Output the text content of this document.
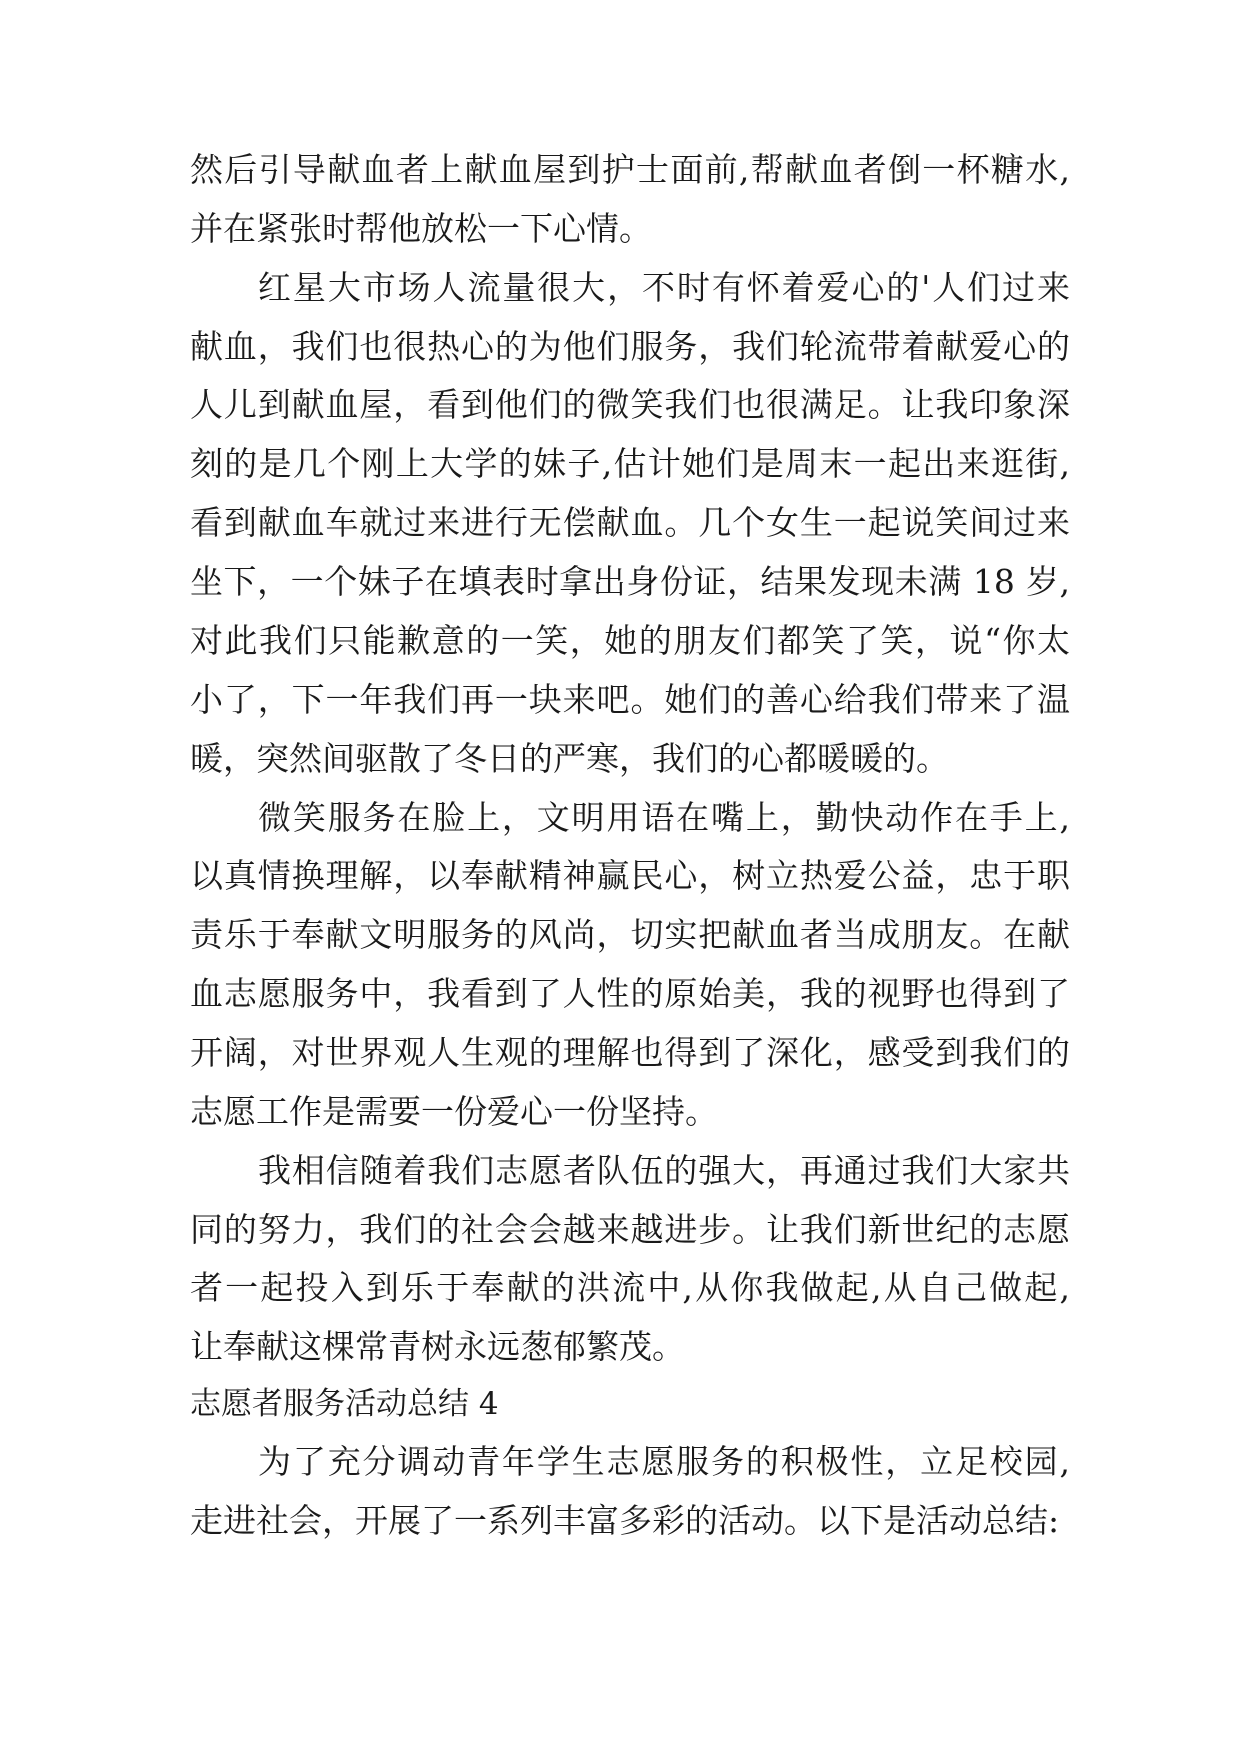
然后引导献血者上献血屋到护士面前,帮献血者倒一杯糖水,
并在紧张时帮他放松一下心情。
红星大市场人流量很大，不时有怀着爱心的'人们过来
献血，我们也很热心的为他们服务，我们轮流带着献爱心的
人儿到献血屋，看到他们的微笑我们也很满足。让我印象深
刻的是几个刚上大学的妹子,估计她们是周末一起出来逛街,
看到献血车就过来进行无偿献血。几个女生一起说笑间过来
坐下，一个妹子在填表时拿出身份证，结果发现未满 18 岁,
对此我们只能歉意的一笑，她的朋友们都笑了笑，说“你太
小了，下一年我们再一块来吧。她们的善心给我们带来了温
暖，突然间驱散了冬日的严寒，我们的心都暖暖的。
微笑服务在脸上，文明用语在嘴上，勤快动作在手上,
以真情换理解，以奉献精神赢民心，树立热爱公益，忠于职
责乐于奉献文明服务的风尚，切实把献血者当成朋友。在献
血志愿服务中，我看到了人性的原始美，我的视野也得到了
开阔，对世界观人生观的理解也得到了深化，感受到我们的
志愿工作是需要一份爱心一份坚持。
我相信随着我们志愿者队伍的强大，再通过我们大家共
同的努力，我们的社会会越来越进步。让我们新世纪的志愿
者一起投入到乐于奉献的洪流中,从你我做起,从自己做起,
让奉献这棵常青树永远葱郁繁茂。
志愿者服务活动总结 4
为了充分调动青年学生志愿服务的积极性，立足校园,
走进社会，开展了一系列丰富多彩的活动。以下是活动总结:
